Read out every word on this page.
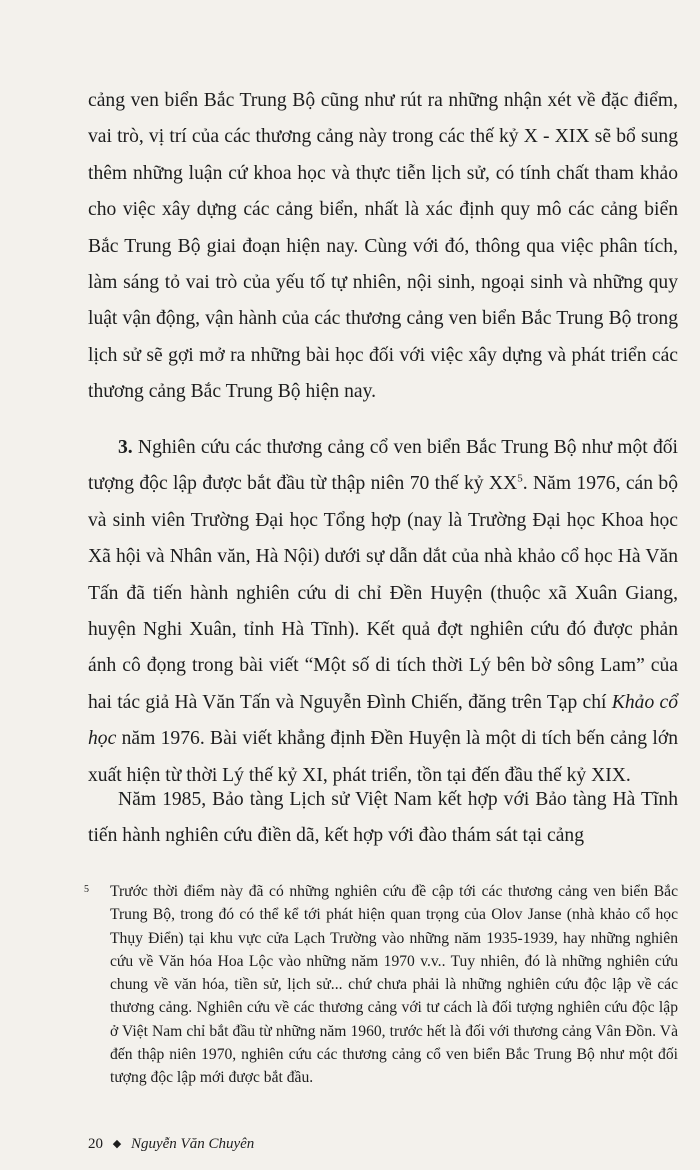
cảng ven biển Bắc Trung Bộ cũng như rút ra những nhận xét về đặc điểm, vai trò, vị trí của các thương cảng này trong các thế kỷ X - XIX sẽ bổ sung thêm những luận cứ khoa học và thực tiễn lịch sử, có tính chất tham khảo cho việc xây dựng các cảng biển, nhất là xác định quy mô các cảng biển Bắc Trung Bộ giai đoạn hiện nay. Cùng với đó, thông qua việc phân tích, làm sáng tỏ vai trò của yếu tố tự nhiên, nội sinh, ngoại sinh và những quy luật vận động, vận hành của các thương cảng ven biển Bắc Trung Bộ trong lịch sử sẽ gợi mở ra những bài học đối với việc xây dựng và phát triển các thương cảng Bắc Trung Bộ hiện nay.

3. Nghiên cứu các thương cảng cổ ven biển Bắc Trung Bộ như một đối tượng độc lập được bắt đầu từ thập niên 70 thế kỷ XX$^5$. Năm 1976, cán bộ và sinh viên Trường Đại học Tổng hợp (nay là Trường Đại học Khoa học Xã hội và Nhân văn, Hà Nội) dưới sự dẫn dắt của nhà khảo cổ học Hà Văn Tấn đã tiến hành nghiên cứu di chỉ Đền Huyện (thuộc xã Xuân Giang, huyện Nghi Xuân, tỉnh Hà Tĩnh). Kết quả đợt nghiên cứu đó được phản ánh cô đọng trong bài viết “Một số di tích thời Lý bên bờ sông Lam” của hai tác giả Hà Văn Tấn và Nguyễn Đình Chiến, đăng trên Tạp chí Khảo cổ học năm 1976. Bài viết khẳng định Đền Huyện là một di tích bến cảng lớn xuất hiện từ thời Lý thế kỷ XI, phát triển, tồn tại đến đầu thế kỷ XIX.

Năm 1985, Bảo tàng Lịch sử Việt Nam kết hợp với Bảo tàng Hà Tĩnh tiến hành nghiên cứu điền dã, kết hợp với đào thám sát tại cảng

5	Trước thời điểm này đã có những nghiên cứu đề cập tới các thương cảng ven biển Bắc Trung Bộ, trong đó có thể kể tới phát hiện quan trọng của Olov Janse (nhà khảo cổ học Thụy Điển) tại khu vực cửa Lạch Trường vào những năm 1935-1939, hay những nghiên cứu về Văn hóa Hoa Lộc vào những năm 1970 v.v.. Tuy nhiên, đó là những nghiên cứu chung về văn hóa, tiền sử, lịch sử... chứ chưa phải là những nghiên cứu độc lập về các thương cảng. Nghiên cứu về các thương cảng với tư cách là đối tượng nghiên cứu độc lập ở Việt Nam chỉ bắt đầu từ những năm 1960, trước hết là đối với thương cảng Vân Đồn. Và đến thập niên 1970, nghiên cứu các thương cảng cổ ven biển Bắc Trung Bộ như một đối tượng độc lập mới được bắt đầu.
20 ◆ Nguyễn Văn Chuyên
